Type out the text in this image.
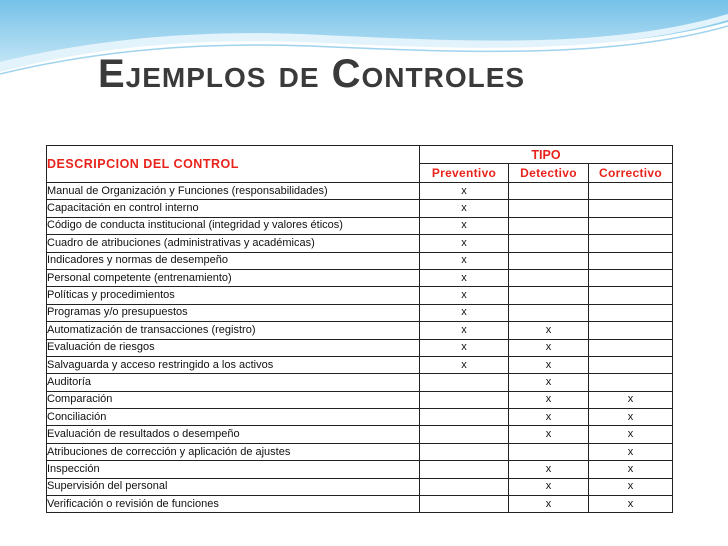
Ejemplos de Controles
DESCRIPCION DEL CONTROL	TIPO		
	Preventivo	Detectivo	Correctivo
Manual de Organización y Funciones (responsabilidades)	x		
Capacitación en control interno	x		
Código de conducta institucional (integridad y valores éticos)	x		
Cuadro de atribuciones (administrativas y académicas)	x		
Indicadores y normas de desempeño	x		
Personal competente (entrenamiento)	x		
Políticas y procedimientos	x		
Programas y/o presupuestos	x		
Automatización de transacciones (registro)	x	x	
Evaluación de riesgos	x	x	
Salvaguarda y acceso restringido a los activos	x	x	
Auditoría		x	
Comparación		x	x
Conciliación		x	x
Evaluación de resultados o desempeño		x	x
Atribuciones de corrección y aplicación de ajustes			x
Inspección		x	x
Supervisión del personal		x	x
Verificación o revisión de funciones		x	x
